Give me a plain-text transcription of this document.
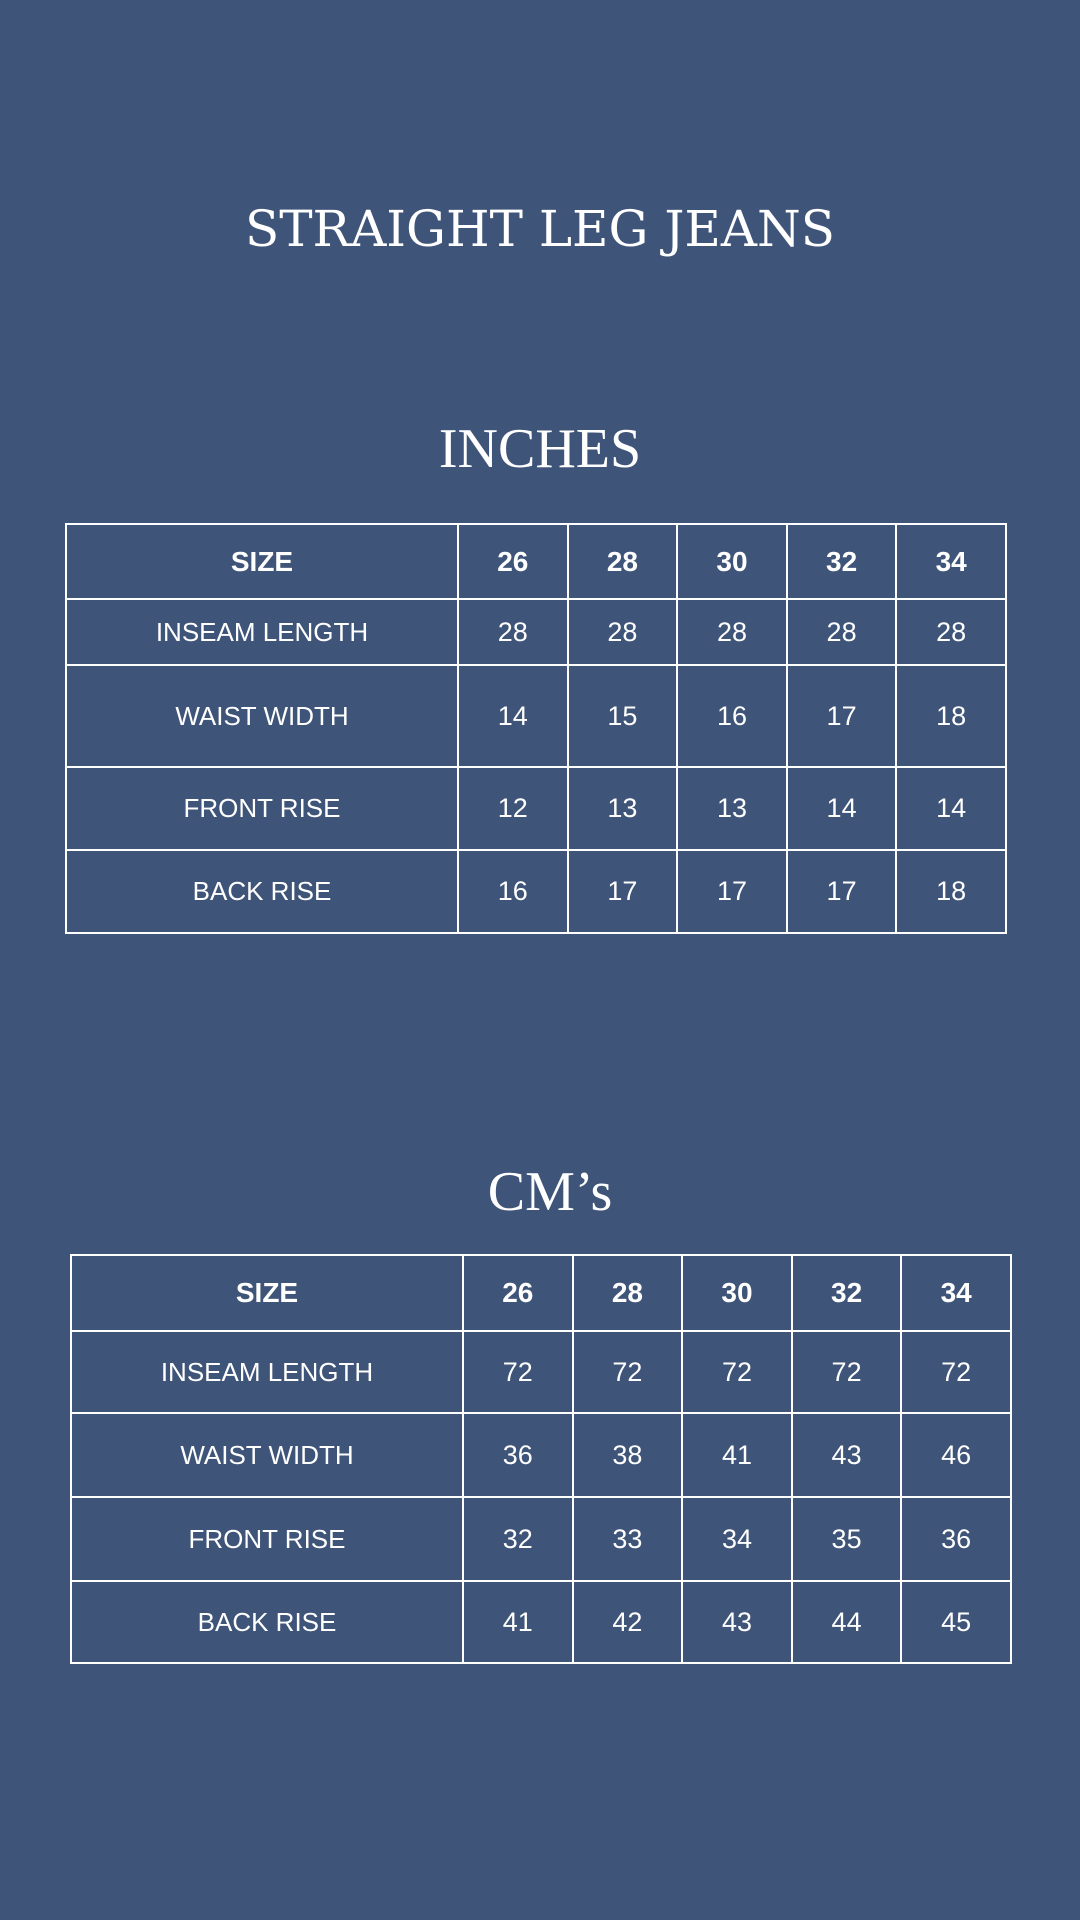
STRAIGHT LEG JEANS
INCHES
SIZE	26	28	30	32	34
INSEAM LENGTH	28	28	28	28	28
WAIST WIDTH	14	15	16	17	18
FRONT RISE	12	13	13	14	14
BACK RISE	16	17	17	17	18
CM’s
SIZE	26	28	30	32	34
INSEAM LENGTH	72	72	72	72	72
WAIST WIDTH	36	38	41	43	46
FRONT RISE	32	33	34	35	36
BACK RISE	41	42	43	44	45
